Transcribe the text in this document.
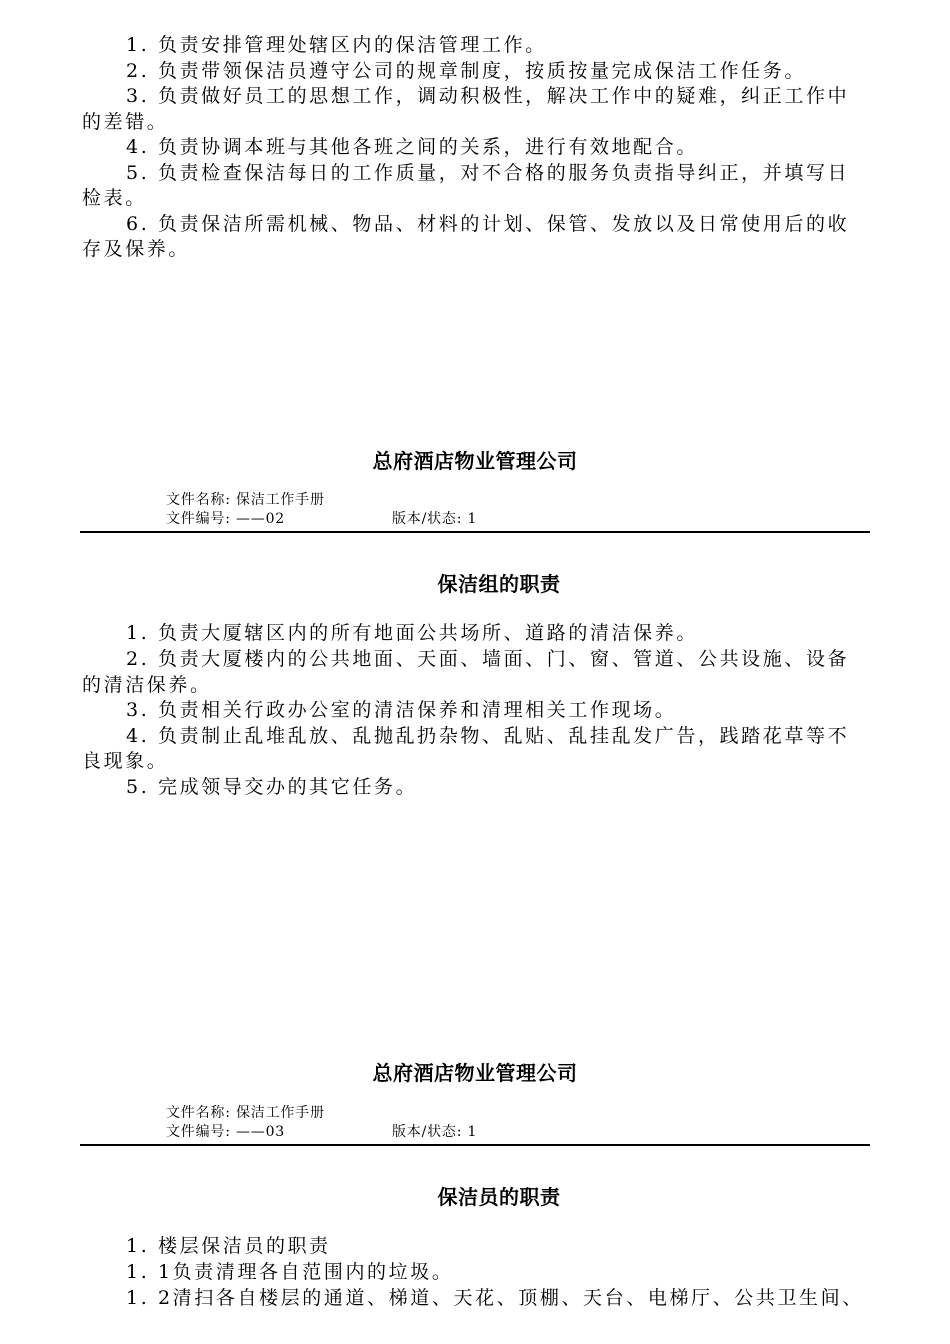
1. 负责安排管理处辖区内的保洁管理工作。

2. 负责带领保洁员遵守公司的规章制度，按质按量完成保洁工作任务。

3. 负责做好员工的思想工作，调动积极性，解决工作中的疑难，纠正工作中的差错。

4. 负责协调本班与其他各班之间的关系，进行有效地配合。

5. 负责检查保洁每日的工作质量，对不合格的服务负责指导纠正，并填写日检表。

6. 负责保洁所需机械、物品、材料的计划、保管、发放以及日常使用后的收存及保养。

总府酒店物业管理公司
文件名称: 保洁工作手册
文件编号: ——02	版本/状态: 1
保洁组的职责

1. 负责大厦辖区内的所有地面公共场所、道路的清洁保养。

2. 负责大厦楼内的公共地面、天面、墙面、门、窗、管道、公共设施、设备的清洁保养。

3. 负责相关行政办公室的清洁保养和清理相关工作现场。

4. 负责制止乱堆乱放、乱抛乱扔杂物、乱贴、乱挂乱发广告，践踏花草等不良现象。

5. 完成领导交办的其它任务。

总府酒店物业管理公司
文件名称: 保洁工作手册
文件编号: ——03	版本/状态: 1
保洁员的职责

1. 楼层保洁员的职责

1. 1负责清理各自范围内的垃圾。

1. 2清扫各自楼层的通道、梯道、天花、顶棚、天台、电梯厅、公共卫生间、
